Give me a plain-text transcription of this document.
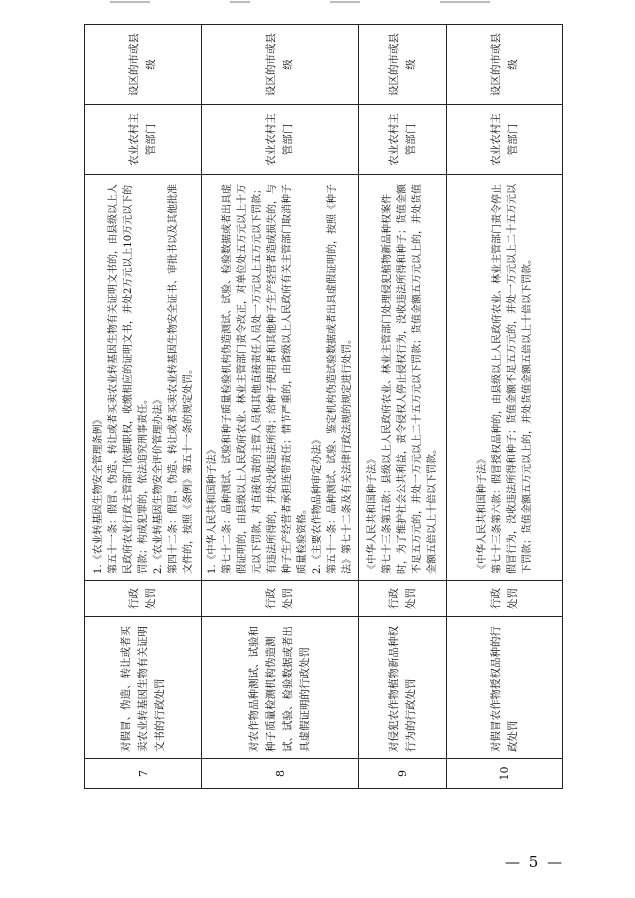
7	对假冒、伪造、转让或者买卖农业转基因生物有关证明文书的行政处罚	行政处罚	1.《农业转基因生物安全管理条例》 第五十一条：假冒、伪造、转让或者买卖农业转基因生物有关证明文书的，由县级以上人民政府农业行政主管部门依据职权，收缴相应的证明文书，并处2万元以上10万元以下的罚款；构成犯罪的，依法追究刑事责任。 2.《农业转基因生物安全评价管理办法》 第四十二条：假冒、伪造、转让或者买卖农业转基因生物安全证书、审批书以及其他批准文件的，按照《条例》第五十一条的规定处罚。	农业农村主管部门	设区的市或县级
8	对农作物品种测试、试验和种子质量检测机构伪造测试、试验、检验数据或者出具虚假证明的行政处罚	行政处罚	1.《中华人民共和国种子法》 第七十二条：品种测试、试验和种子质量检验机构伪造测试、试验、检验数据或者出具虚假证明的，由县级以上人民政府农业、林业主管部门责令改正，对单位处五万元以上十万元以下罚款，对直接负责的主管人员和其他直接责任人员处一万元以上五万元以下罚款；有违法所得的，并处没收违法所得；给种子使用者和其他种子生产经营者造成损失的，与种子生产经营者承担连带责任；情节严重的，由省级以上人民政府有关主管部门取消种子质量检验资格。 2.《主要农作物品种审定办法》 第五十一条：品种测试、试验、鉴定机构伪造试验数据或者出具虚假证明的，按照《种子法》第七十二条及有关法律行政法规的规定进行处罚。	农业农村主管部门	设区的市或县级
9	对侵犯农作物植物新品种权行为的行政处罚	行政处罚	《中华人民共和国种子法》 第七十三条第五款：县级以上人民政府农业、林业主管部门处理侵犯植物新品种权案件时，为了维护社会公共利益，责令侵权人停止侵权行为，没收违法所得和种子；货值金额不足五万元的，并处一万元以上二十五万元以下罚款；货值金额五万元以上的，并处货值金额五倍以上十倍以下罚款。	农业农村主管部门	设区的市或县级
10	对假冒农作物授权品种的行政处罚	行政处罚	《中华人民共和国种子法》 第七十三条第六款：假冒授权品种的，由县级以上人民政府农业、林业主管部门责令停止假冒行为，没收违法所得和种子；货值金额不足五万元的，并处一万元以上二十五万元以下罚款；货值金额五万元以上的，并处货值金额五倍以上十倍以下罚款。	农业农村主管部门	设区的市或县级
— 5 —
